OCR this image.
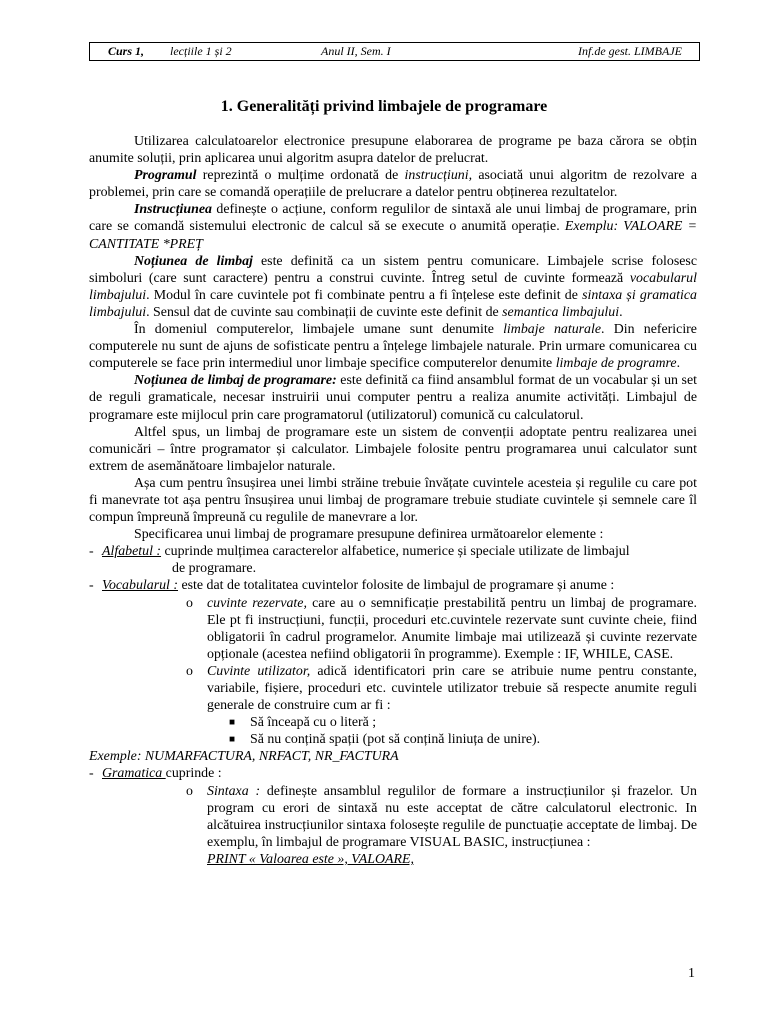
Curs 1, lecțiile 1 și 2	Anul II, Sem. I	Inf.de gest. LIMBAJE
1. Generalități privind limbajele de programare

Utilizarea calculatoarelor electronice presupune elaborarea de programe pe baza cărora se obțin anumite soluții, prin aplicarea unui algoritm asupra datelor de prelucrat.

Programul reprezintă o mulțime ordonată de instrucțiuni, asociată unui algoritm de rezolvare a problemei, prin care se comandă operațiile de prelucrare a datelor pentru obținerea rezultatelor.

Instrucțiunea definește o acțiune, conform regulilor de sintaxă ale unui limbaj de programare, prin care se comandă sistemului electronic de calcul să se execute o anumită operație. Exemplu: VALOARE = CANTITATE *PREȚ

Noțiunea de limbaj este definită ca un sistem pentru comunicare. Limbajele scrise folosesc simboluri (care sunt caractere) pentru a construi cuvinte. Întreg setul de cuvinte formează vocabularul limbajului. Modul în care cuvintele pot fi combinate pentru a fi înțelese este definit de sintaxa și gramatica limbajului. Sensul dat de cuvinte sau combinații de cuvinte este definit de semantica limbajului.

În domeniul computerelor, limbajele umane sunt denumite limbaje naturale. Din nefericire computerele nu sunt de ajuns de sofisticate pentru a înțelege limbajele naturale. Prin urmare comunicarea cu computerele se face prin intermediul unor limbaje specifice computerelor denumite limbaje de programre.

Noțiunea de limbaj de programare: este definită ca fiind ansamblul format de un vocabular și un set de reguli gramaticale, necesar instruirii unui computer pentru a realiza anumite activități. Limbajul de programare este mijlocul prin care programatorul (utilizatorul) comunică cu calculatorul.

Altfel spus, un limbaj de programare este un sistem de convenții adoptate pentru realizarea unei comunicări – între programator și calculator. Limbajele folosite pentru programarea unui calculator sunt extrem de asemănătoare limbajelor naturale.

Așa cum pentru însușirea unei limbi străine trebuie învățate cuvintele acesteia și regulile cu care pot fi manevrate tot așa pentru însușirea unui limbaj de programare trebuie studiate cuvintele și semnele care îl compun împreună împreună cu regulile de manevrare a lor.

Specificarea unui limbaj de programare presupune definirea următoarelor elemente :

- Alfabetul : cuprinde mulțimea caracterelor alfabetice, numerice și speciale utilizate de limbajul

de programare.

- Vocabularul : este dat de totalitatea cuvintelor folosite de limbajul de programare și anume :
o	cuvinte rezervate, care au o semnificație prestabilită pentru un limbaj de programare. Ele pt fi instrucțiuni, funcții, proceduri etc.cuvintele rezervate sunt cuvinte cheie, fiind obligatorii în cadrul programelor. Anumite limbaje mai utilizează și cuvinte rezervate opționale (acestea nefiind obligatorii în programme). Exemple : IF, WHILE, CASE.
o	Cuvinte utilizator, adică identificatori prin care se atribuie nume pentru constante, variabile, fișiere, proceduri etc. cuvintele utilizator trebuie să respecte anumite reguli generale de construire cum ar fi :
■	Să înceapă cu o literă ;
■	Să nu conțină spații (pot să conțină liniuța de unire).

Exemple: NUMARFACTURA, NRFACT, NR_FACTURA

- Gramatica cuprinde :
o	Sintaxa : definește ansamblul regulilor de formare a instrucțiunilor și frazelor. Un program cu erori de sintaxă nu este acceptat de către calculatorul electronic. In alcătuirea instrucțiunilor sintaxa folosește regulile de punctuație acceptate de limbaj. De exemplu, în limbajul de programare VISUAL BASIC, instrucțiunea :

PRINT « Valoarea este », VALOARE,

1
